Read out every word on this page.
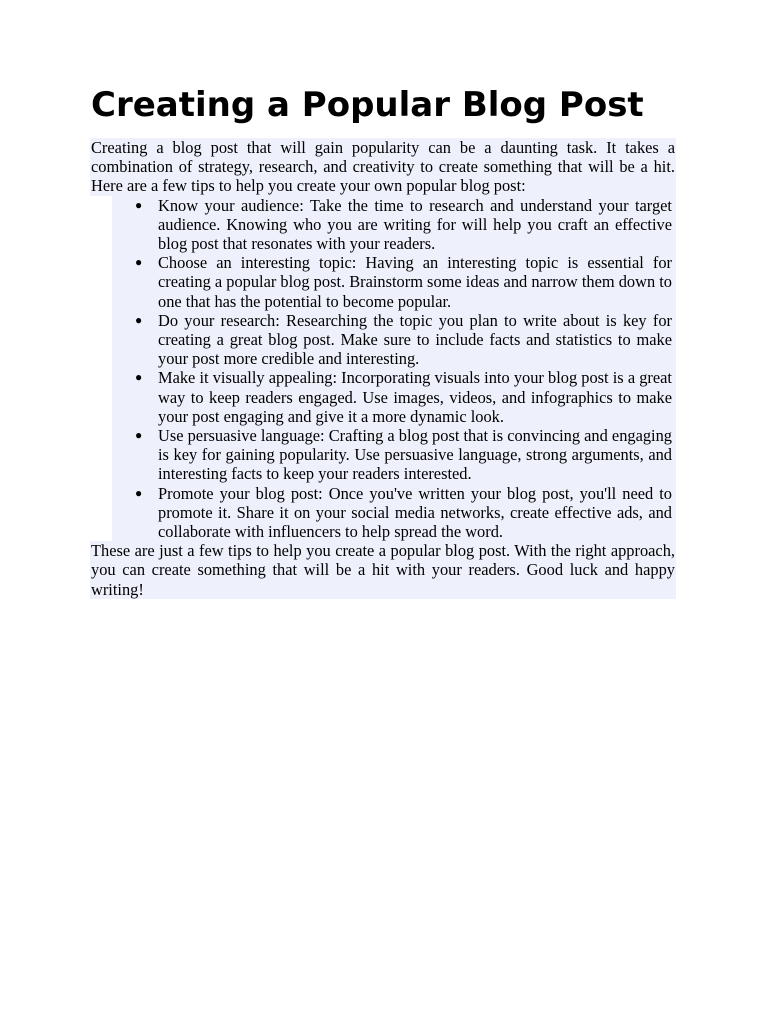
Creating a Popular Blog Post

Creating a blog post that will gain popularity can be a daunting task. It takes a combination of strategy, research, and creativity to create something that will be a hit. Here are a few tips to help you create your own popular blog post:

● Know your audience: Take the time to research and understand your target audience. Knowing who you are writing for will help you craft an effective blog post that resonates with your readers.
● Choose an interesting topic: Having an interesting topic is essential for creating a popular blog post. Brainstorm some ideas and narrow them down to one that has the potential to become popular.
● Do your research: Researching the topic you plan to write about is key for creating a great blog post. Make sure to include facts and statistics to make your post more credible and interesting.
● Make it visually appealing: Incorporating visuals into your blog post is a great way to keep readers engaged. Use images, videos, and infographics to make your post engaging and give it a more dynamic look.
● Use persuasive language: Crafting a blog post that is convincing and engaging is key for gaining popularity. Use persuasive language, strong arguments, and interesting facts to keep your readers interested.
● Promote your blog post: Once you've written your blog post, you'll need to promote it. Share it on your social media networks, create effective ads, and collaborate with influencers to help spread the word.

These are just a few tips to help you create a popular blog post. With the right approach, you can create something that will be a hit with your readers. Good luck and happy writing!
